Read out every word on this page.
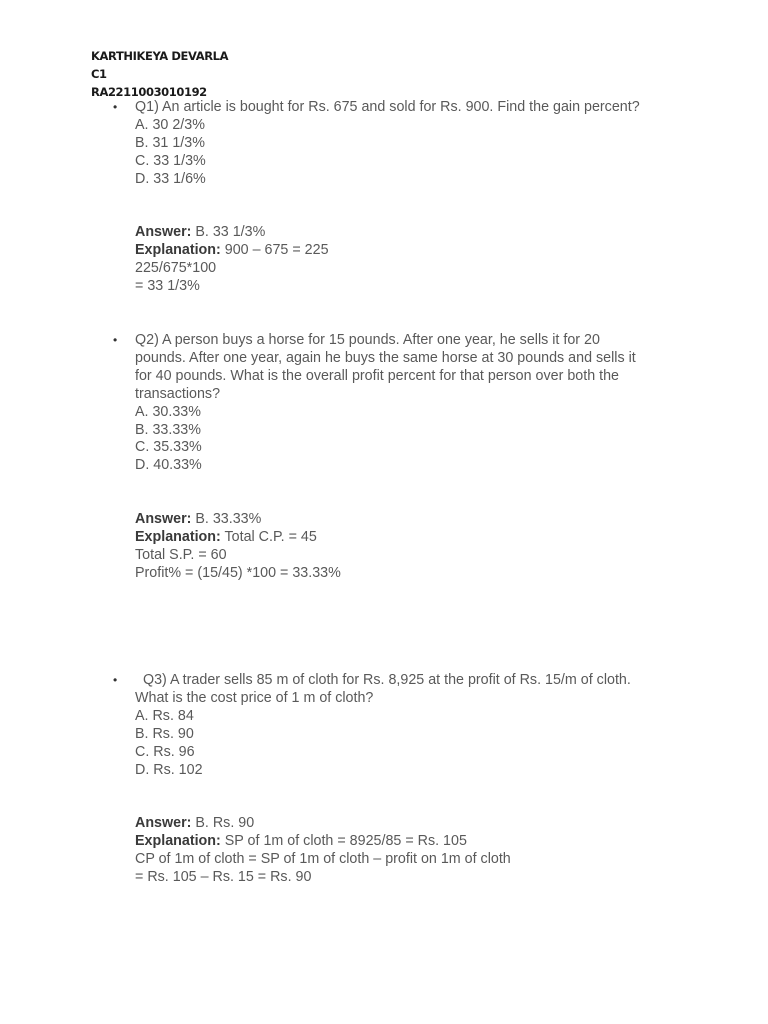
KARTHIKEYA DEVARLA
C1
RA2211003010192
• Q1) An article is bought for Rs. 675 and sold for Rs. 900. Find the gain percent?
A. 30 2/3%
B. 31 1/3%
C. 33 1/3%
D. 33 1/6%
Answer: B. 33 1/3%
Explanation: 900 – 675 = 225
225/675*100
= 33 1/3%
• Q2) A person buys a horse for 15 pounds. After one year, he sells it for 20
pounds. After one year, again he buys the same horse at 30 pounds and sells it
for 40 pounds. What is the overall profit percent for that person over both the
transactions?
A. 30.33%
B. 33.33%
C. 35.33%
D. 40.33%
Answer: B. 33.33%
Explanation: Total C.P. = 45
Total S.P. = 60
Profit% = (15/45) *100 = 33.33%
• Q3) A trader sells 85 m of cloth for Rs. 8,925 at the profit of Rs. 15/m of cloth.
What is the cost price of 1 m of cloth?
A. Rs. 84
B. Rs. 90
C. Rs. 96
D. Rs. 102
Answer: B. Rs. 90
Explanation: SP of 1m of cloth = 8925/85 = Rs. 105
CP of 1m of cloth = SP of 1m of cloth – profit on 1m of cloth
= Rs. 105 – Rs. 15 = Rs. 90
